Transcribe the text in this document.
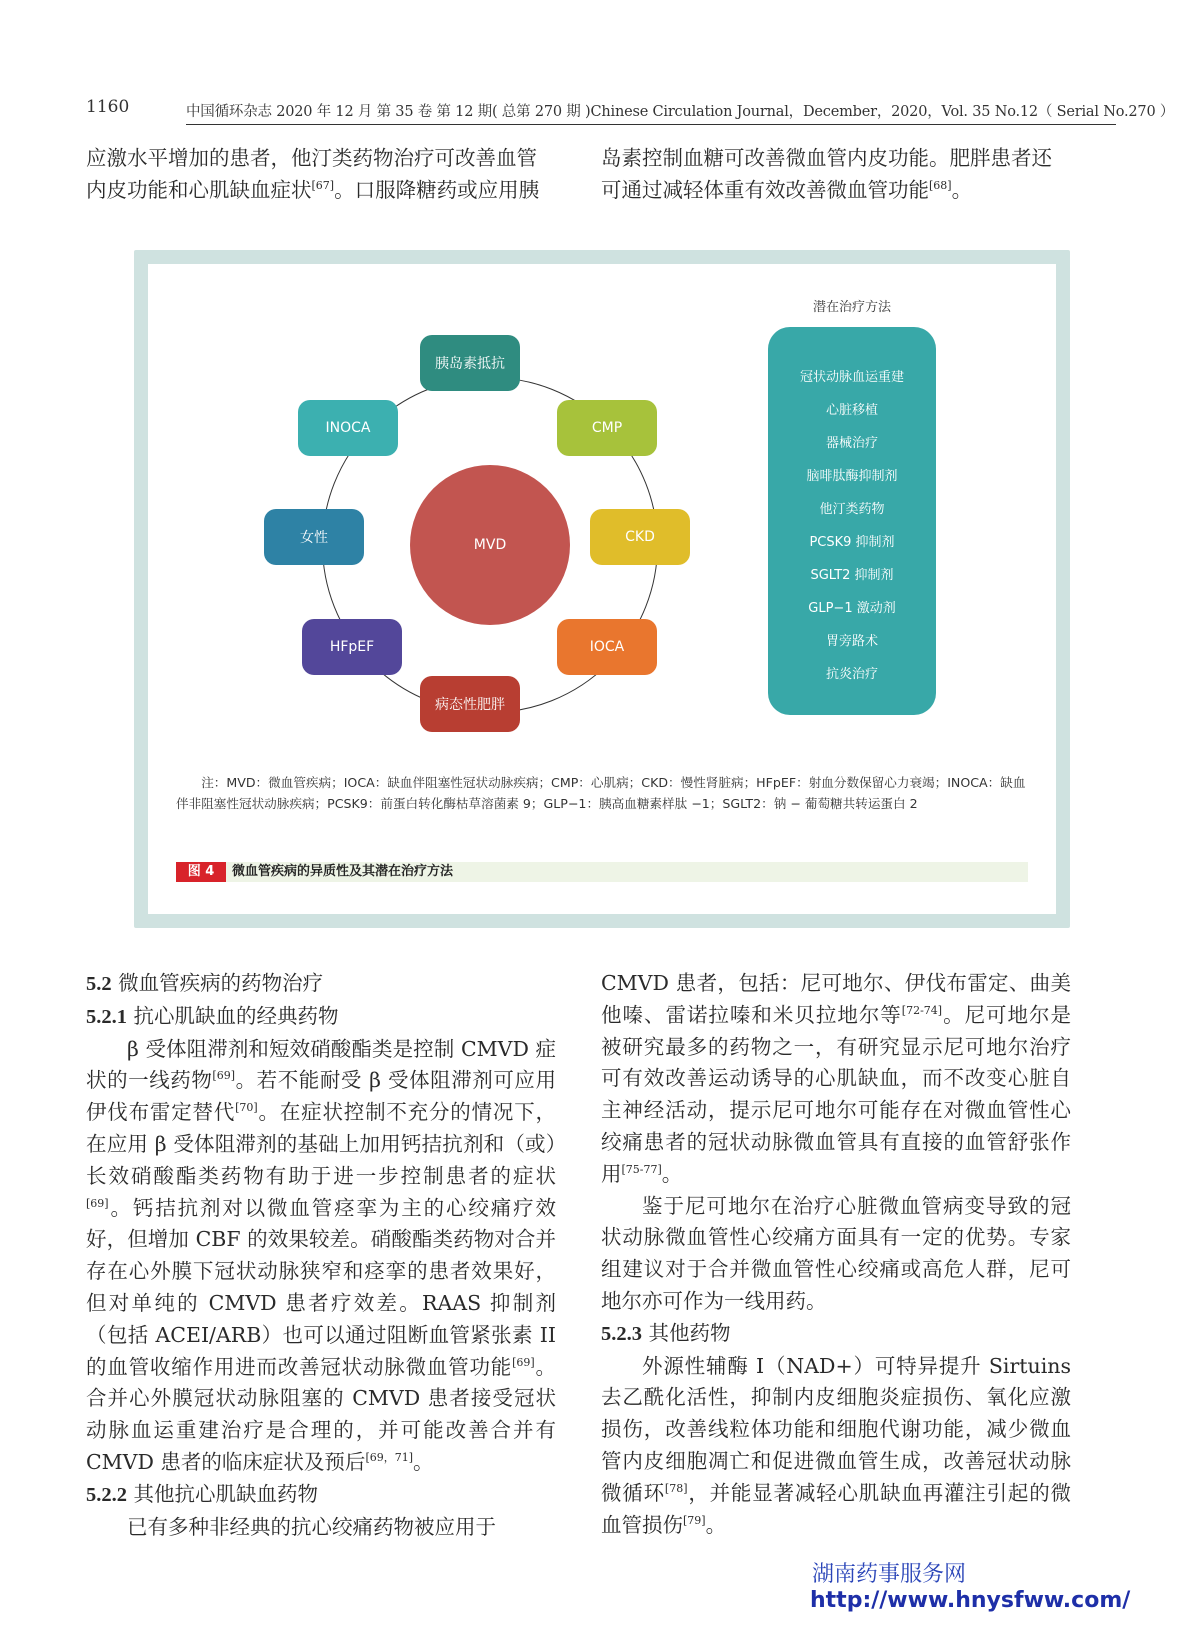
1160	中国循环杂志 2020 年 12 月 第 35 卷 第 12 期( 总第 270 期 )Chinese Circulation Journal，December，2020，Vol. 35 No.12（ Serial No.270 ）

应激水平增加的患者，他汀类药物治疗可改善血管

内皮功能和心肌缺血症状[67]。口服降糖药或应用胰

岛素控制血糖可改善微血管内皮功能。肥胖患者还

可通过减轻体重有效改善微血管功能[68]。

MVD
胰岛素抵抗
CMP
CKD
IOCA
病态性肥胖
HFpEF
女性
INOCA
潜在治疗方法
冠状动脉血运重建
心脏移植
器械治疗
脑啡肽酶抑制剂
他汀类药物
PCSK9 抑制剂
SGLT2 抑制剂
GLP−1 激动剂
胃旁路术
抗炎治疗
注：MVD：微血管疾病；IOCA：缺血伴阻塞性冠状动脉疾病；CMP：心肌病；CKD：慢性肾脏病；HFpEF：射血分数保留心力衰竭；INOCA：缺血伴非阻塞性冠状动脉疾病；PCSK9：前蛋白转化酶枯草溶菌素 9；GLP−1：胰高血糖素样肽 −1；SGLT2：钠 − 葡萄糖共转运蛋白 2
图 4	微血管疾病的异质性及其潜在治疗方法

5.2 微血管疾病的药物治疗

5.2.1 抗心肌缺血的经典药物

β 受体阻滞剂和短效硝酸酯类是控制 CMVD 症状的一线药物[69]。若不能耐受 β 受体阻滞剂可应用伊伐布雷定替代[70]。在症状控制不充分的情况下，在应用 β 受体阻滞剂的基础上加用钙拮抗剂和（或）长效硝酸酯类药物有助于进一步控制患者的症状[69]。钙拮抗剂对以微血管痉挛为主的心绞痛疗效好，但增加 CBF 的效果较差。硝酸酯类药物对合并存在心外膜下冠状动脉狭窄和痉挛的患者效果好，但对单纯的 CMVD 患者疗效差。RAAS 抑制剂（包括 ACEI/ARB）也可以通过阻断血管紧张素 II 的血管收缩作用进而改善冠状动脉微血管功能[69]。合并心外膜冠状动脉阻塞的 CMVD 患者接受冠状动脉血运重建治疗是合理的，并可能改善合并有 CMVD 患者的临床症状及预后[69，71]。

5.2.2 其他抗心肌缺血药物

已有多种非经典的抗心绞痛药物被应用于

CMVD 患者，包括：尼可地尔、伊伐布雷定、曲美他嗪、雷诺拉嗪和米贝拉地尔等[72-74]。尼可地尔是被研究最多的药物之一，有研究显示尼可地尔治疗可有效改善运动诱导的心肌缺血，而不改变心脏自主神经活动，提示尼可地尔可能存在对微血管性心绞痛患者的冠状动脉微血管具有直接的血管舒张作用[75-77]。

鉴于尼可地尔在治疗心脏微血管病变导致的冠状动脉微血管性心绞痛方面具有一定的优势。专家组建议对于合并微血管性心绞痛或高危人群，尼可地尔亦可作为一线用药。

5.2.3 其他药物

外源性辅酶 I（NAD+）可特异提升 Sirtuins 去乙酰化活性，抑制内皮细胞炎症损伤、氧化应激损伤，改善线粒体功能和细胞代谢功能，减少微血管内皮细胞凋亡和促进微血管生成，改善冠状动脉微循环[78]，并能显著减轻心肌缺血再灌注引起的微血管损伤[79]。

湖南药事服务网
http://www.hnysfww.com/
